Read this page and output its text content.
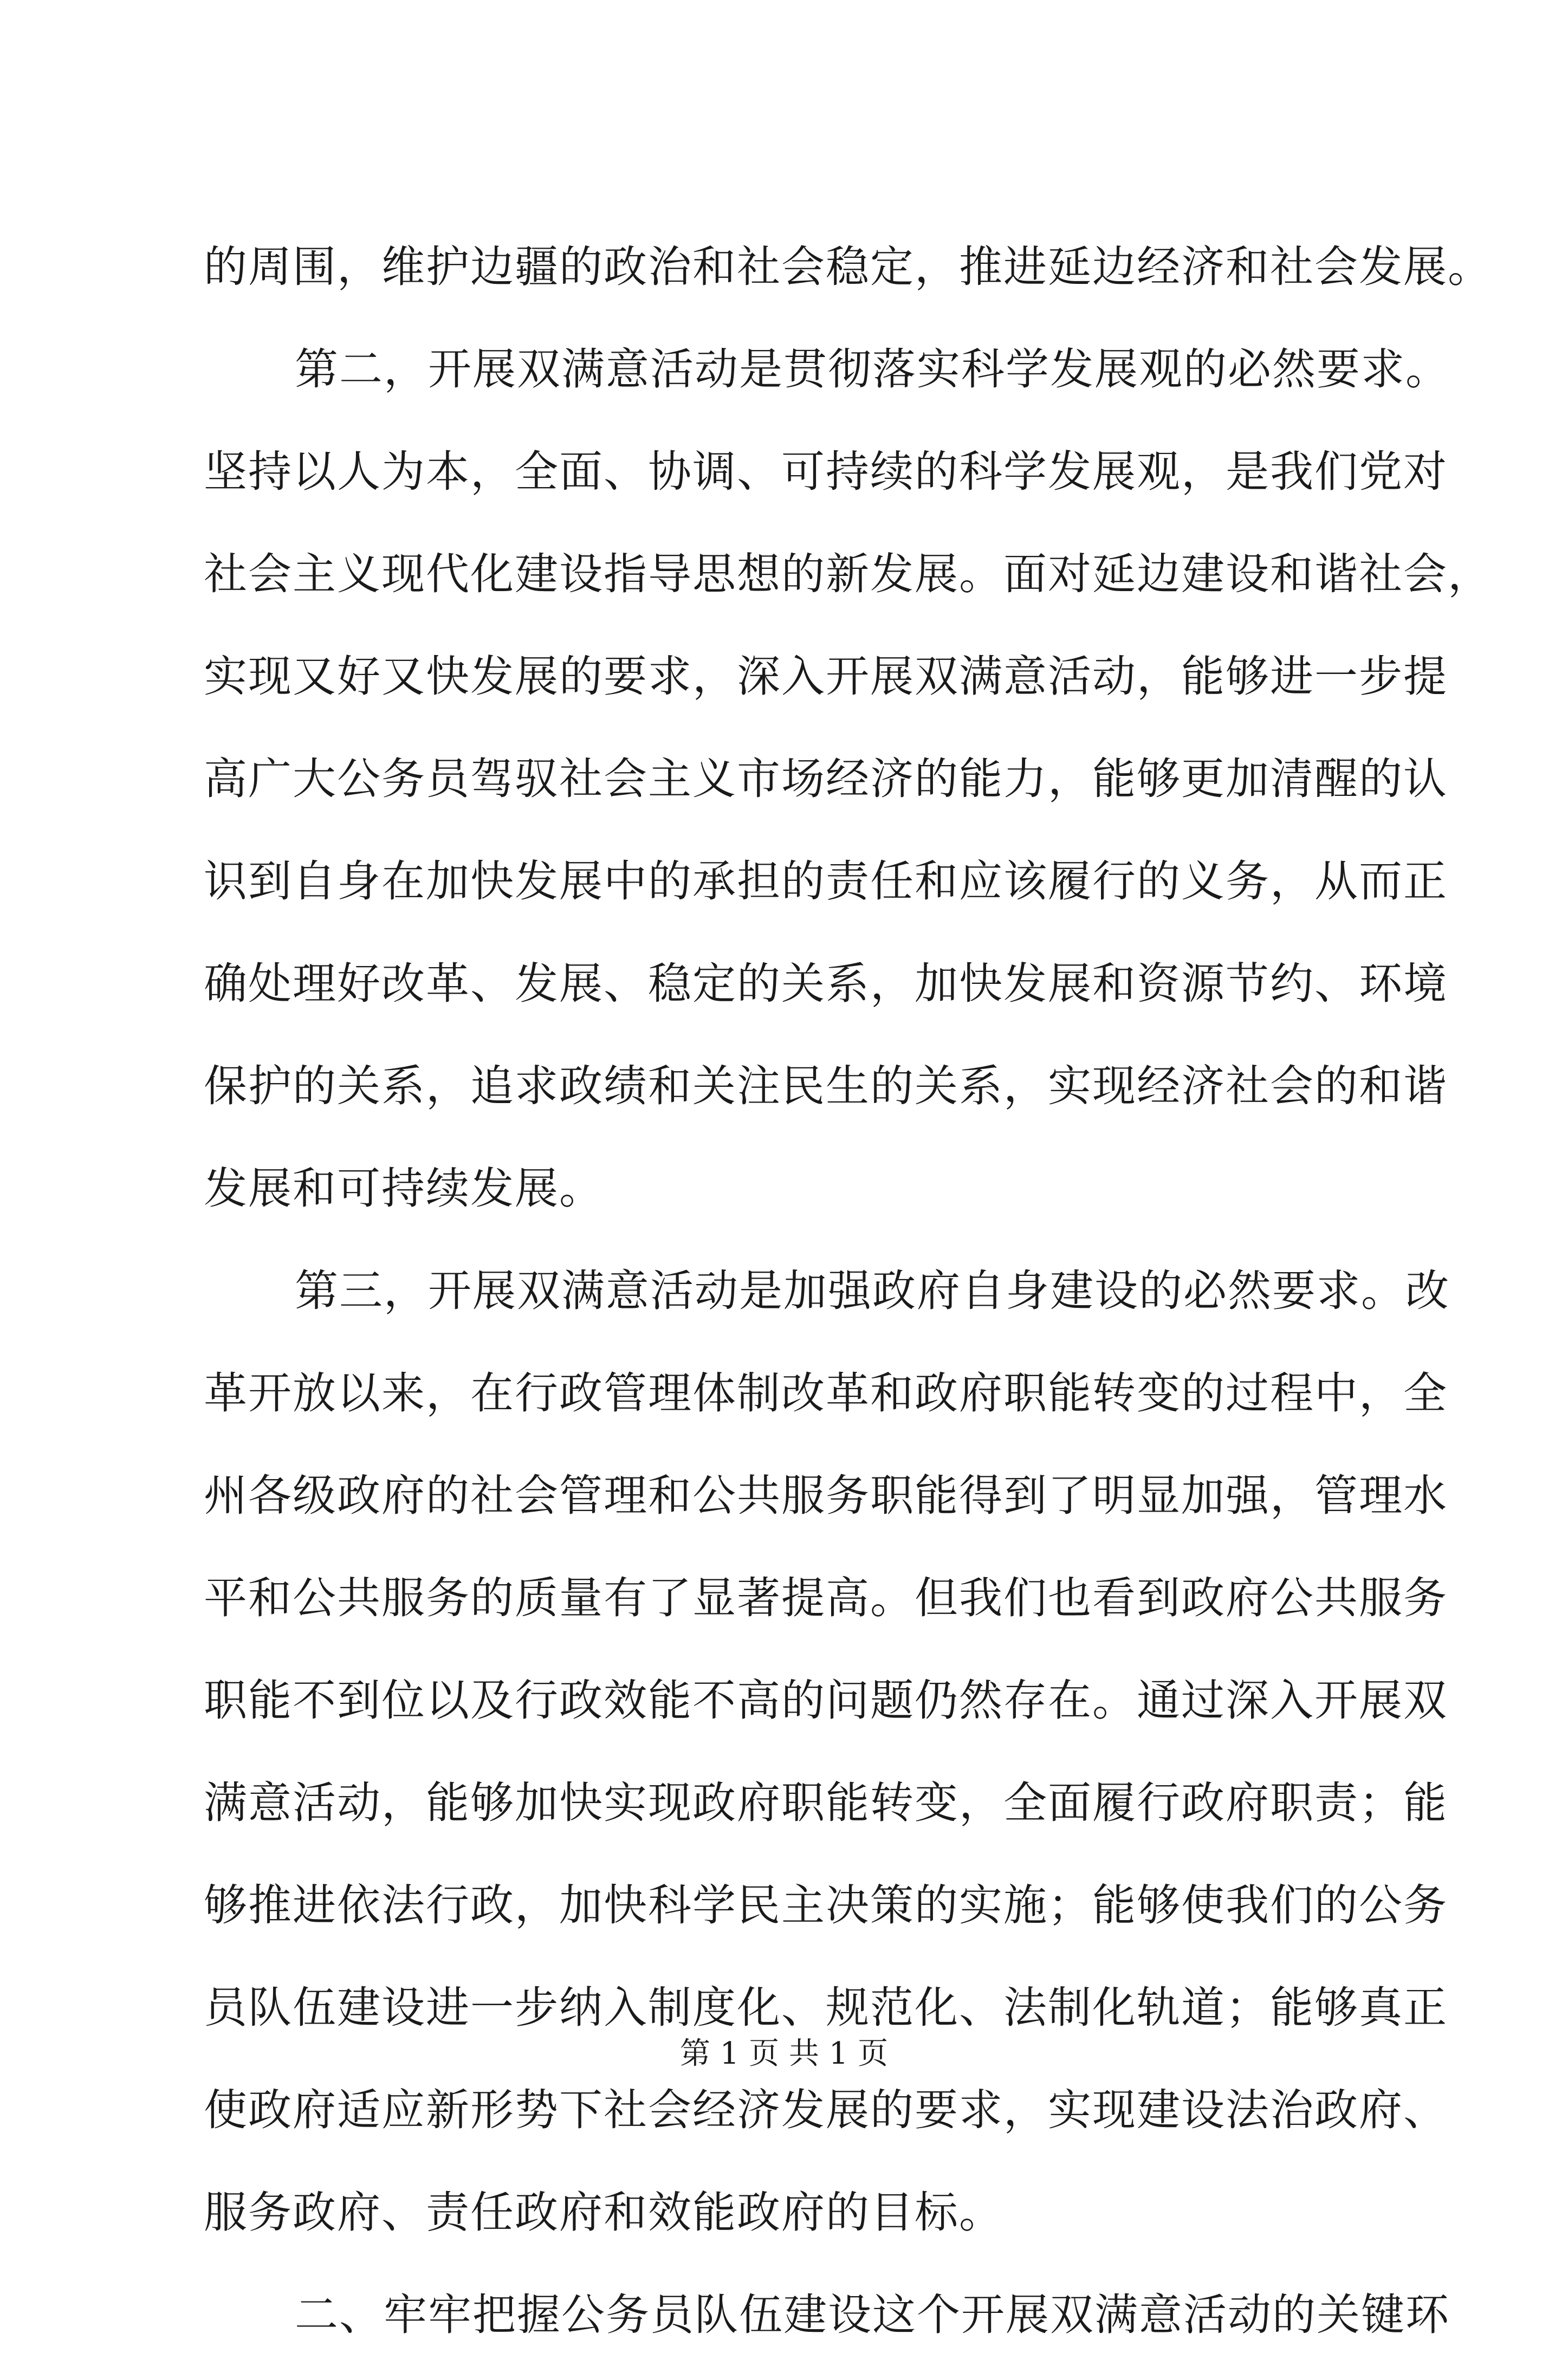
的周围，维护边疆的政治和社会稳定，推进延边经济和社会发展。
第二，开展双满意活动是贯彻落实科学发展观的必然要求。
坚持以人为本，全面、协调、可持续的科学发展观，是我们党对
社会主义现代化建设指导思想的新发展。面对延边建设和谐社会，
实现又好又快发展的要求，深入开展双满意活动，能够进一步提
高广大公务员驾驭社会主义市场经济的能力，能够更加清醒的认
识到自身在加快发展中的承担的责任和应该履行的义务，从而正
确处理好改革、发展、稳定的关系，加快发展和资源节约、环境
保护的关系，追求政绩和关注民生的关系，实现经济社会的和谐
发展和可持续发展。
第三，开展双满意活动是加强政府自身建设的必然要求。改
革开放以来，在行政管理体制改革和政府职能转变的过程中，全
州各级政府的社会管理和公共服务职能得到了明显加强，管理水
平和公共服务的质量有了显著提高。但我们也看到政府公共服务
职能不到位以及行政效能不高的问题仍然存在。通过深入开展双
满意活动，能够加快实现政府职能转变，全面履行政府职责；能
够推进依法行政，加快科学民主决策的实施；能够使我们的公务
员队伍建设进一步纳入制度化、规范化、法制化轨道；能够真正
使政府适应新形势下社会经济发展的要求，实现建设法治政府、
服务政府、责任政府和效能政府的目标。
二、牢牢把握公务员队伍建设这个开展双满意活动的关键环
第 1 页 共 1 页
